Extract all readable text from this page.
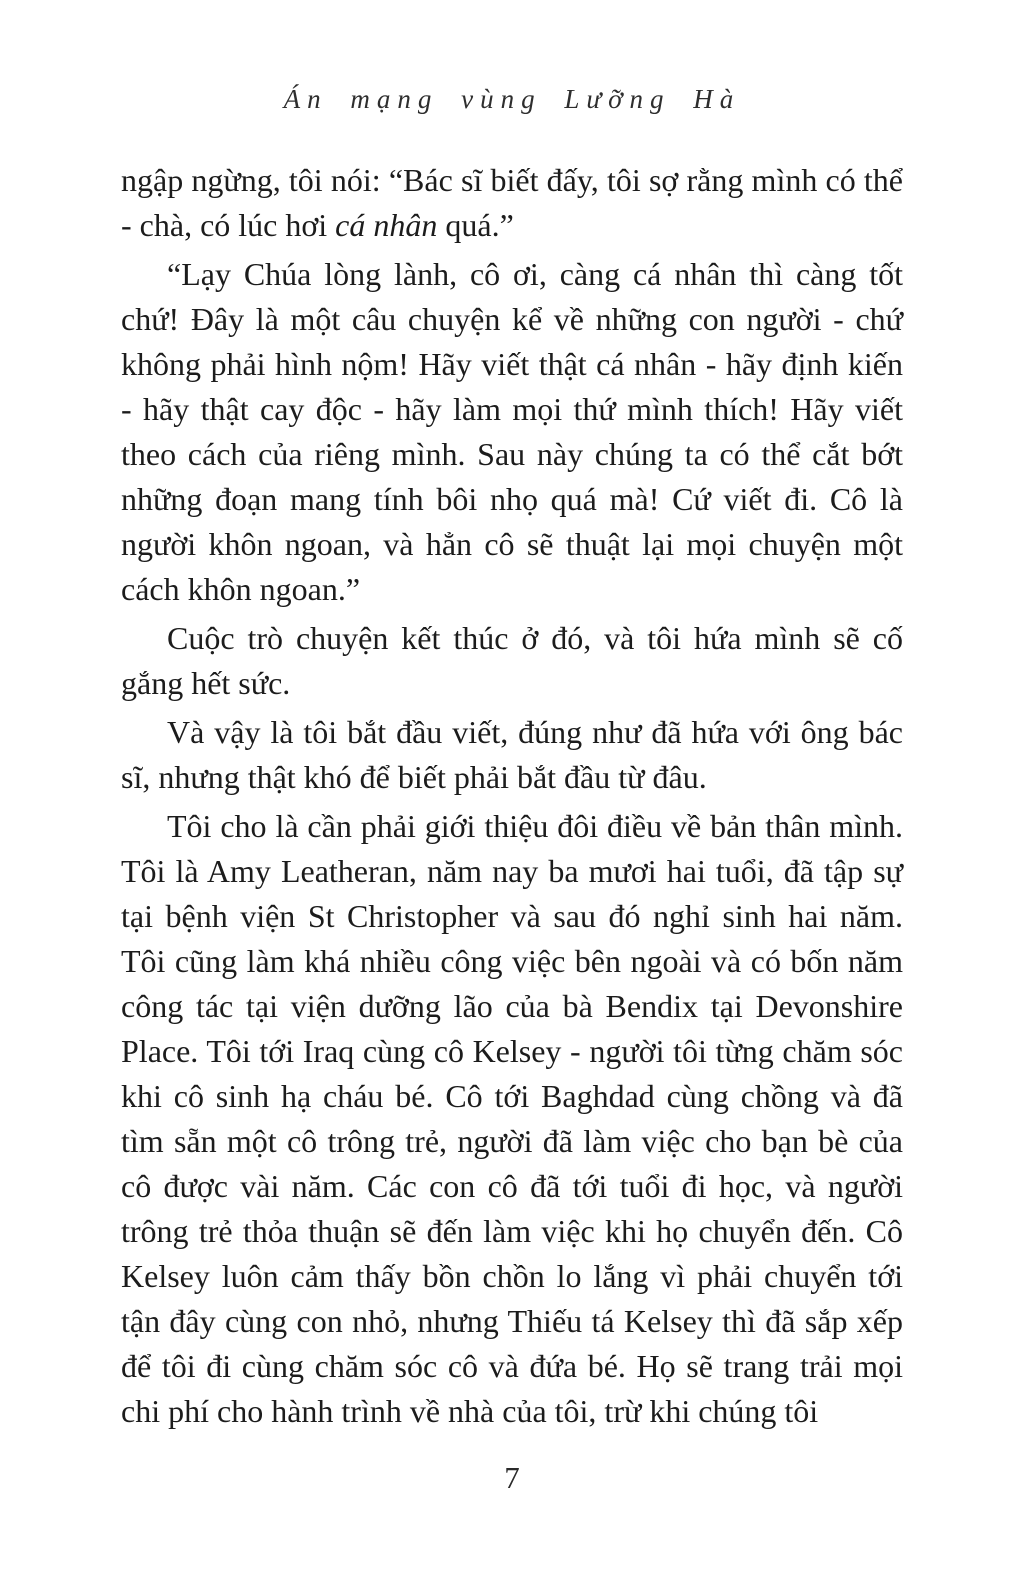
Án mạng vùng Lưỡng Hà

ngập ngừng, tôi nói: “Bác sĩ biết đấy, tôi sợ rằng mình có thể - chà, có lúc hơi cá nhân quá.”

“Lạy Chúa lòng lành, cô ơi, càng cá nhân thì càng tốt chứ! Đây là một câu chuyện kể về những con người - chứ không phải hình nộm! Hãy viết thật cá nhân - hãy định kiến - hãy thật cay độc - hãy làm mọi thứ mình thích! Hãy viết theo cách của riêng mình. Sau này chúng ta có thể cắt bớt những đoạn mang tính bôi nhọ quá mà! Cứ viết đi. Cô là người khôn ngoan, và hẳn cô sẽ thuật lại mọi chuyện một cách khôn ngoan.”

Cuộc trò chuyện kết thúc ở đó, và tôi hứa mình sẽ cố gắng hết sức.

Và vậy là tôi bắt đầu viết, đúng như đã hứa với ông bác sĩ, nhưng thật khó để biết phải bắt đầu từ đâu.

Tôi cho là cần phải giới thiệu đôi điều về bản thân mình. Tôi là Amy Leatheran, năm nay ba mươi hai tuổi, đã tập sự tại bệnh viện St Christopher và sau đó nghỉ sinh hai năm. Tôi cũng làm khá nhiều công việc bên ngoài và có bốn năm công tác tại viện dưỡng lão của bà Bendix tại Devonshire Place. Tôi tới Iraq cùng cô Kelsey - người tôi từng chăm sóc khi cô sinh hạ cháu bé. Cô tới Baghdad cùng chồng và đã tìm sẵn một cô trông trẻ, người đã làm việc cho bạn bè của cô được vài năm. Các con cô đã tới tuổi đi học, và người trông trẻ thỏa thuận sẽ đến làm việc khi họ chuyển đến. Cô Kelsey luôn cảm thấy bồn chồn lo lắng vì phải chuyển tới tận đây cùng con nhỏ, nhưng Thiếu tá Kelsey thì đã sắp xếp để tôi đi cùng chăm sóc cô và đứa bé. Họ sẽ trang trải mọi chi phí cho hành trình về nhà của tôi, trừ khi chúng tôi

7
